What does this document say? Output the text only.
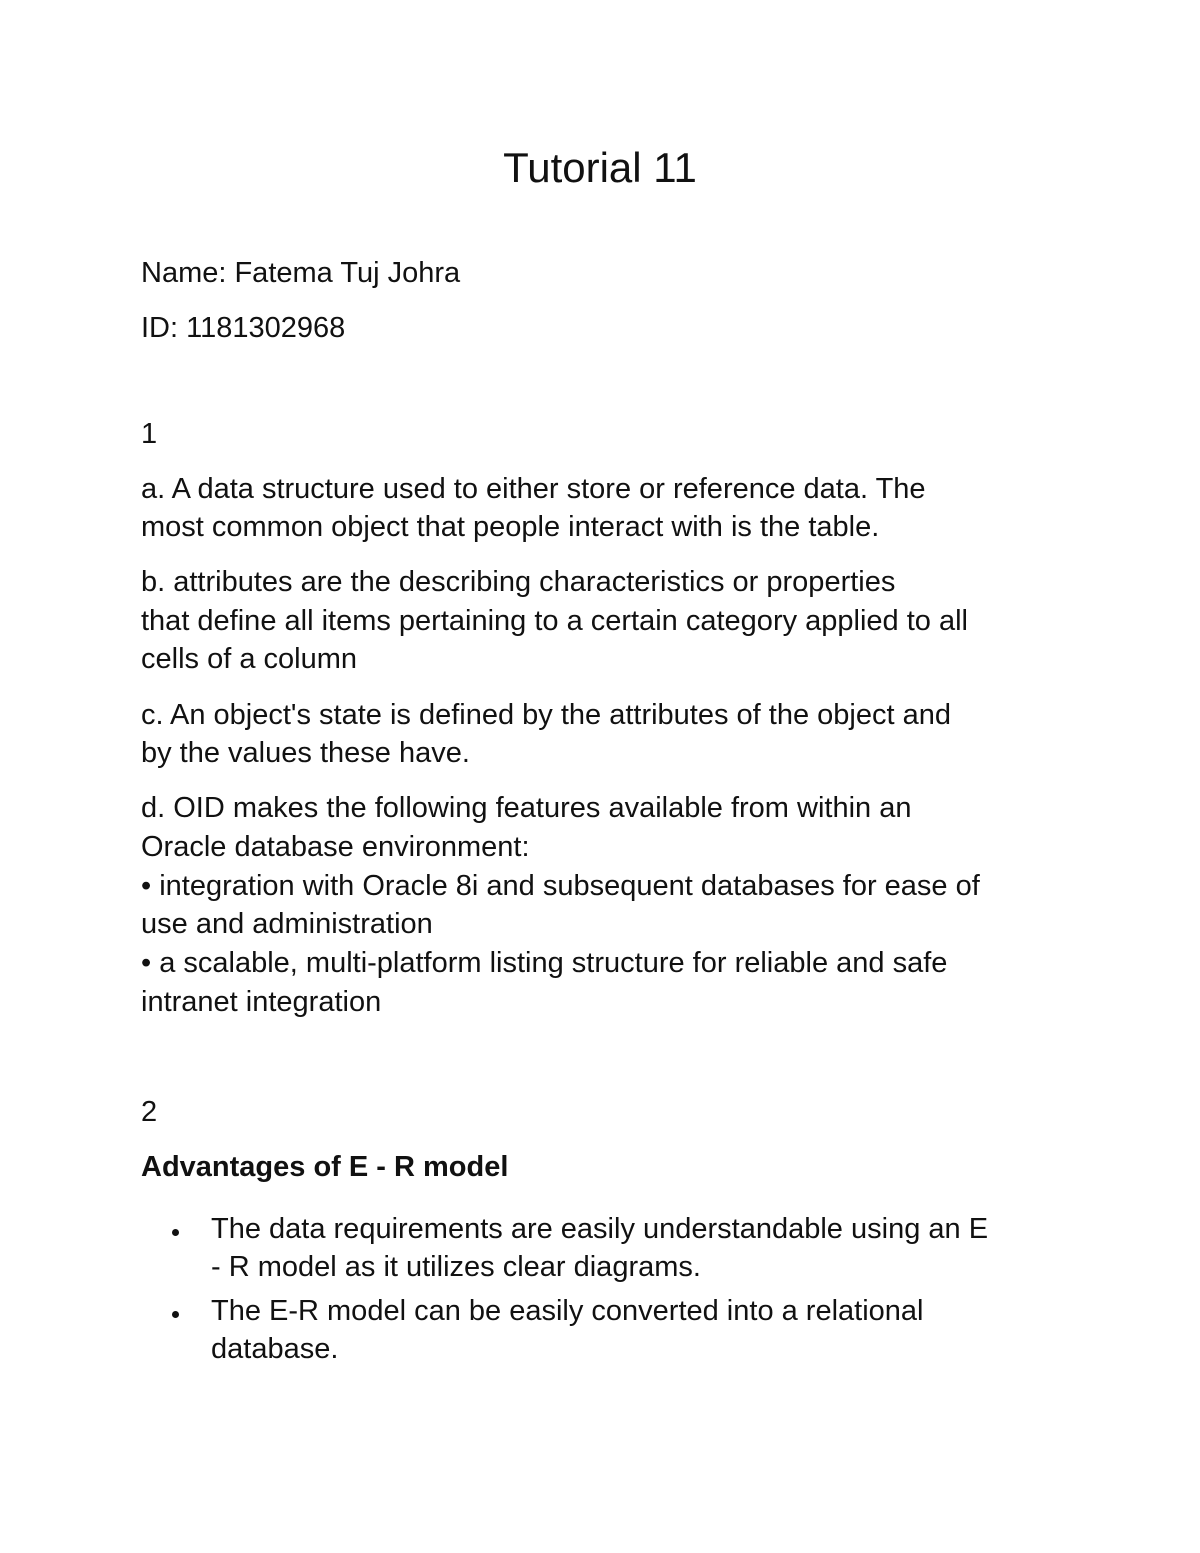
Tutorial 11

Name: Fatema Tuj Johra

ID: 1181302968

1

a. A data structure used to either store or reference data. The

most common object that people interact with is the table.

b. attributes are the describing characteristics or properties

that define all items pertaining to a certain category applied to all

cells of a column

c. An object's state is defined by the attributes of the object and

by the values these have.

d. OID makes the following features available from within an

Oracle database environment:

• integration with Oracle 8i and subsequent databases for ease of

use and administration

• a scalable, multi-platform listing structure for reliable and safe

intranet integration

2

Advantages of E - R model

The data requirements are easily understandable using an E

- R model as it utilizes clear diagrams.

The E-R model can be easily converted into a relational

database.
